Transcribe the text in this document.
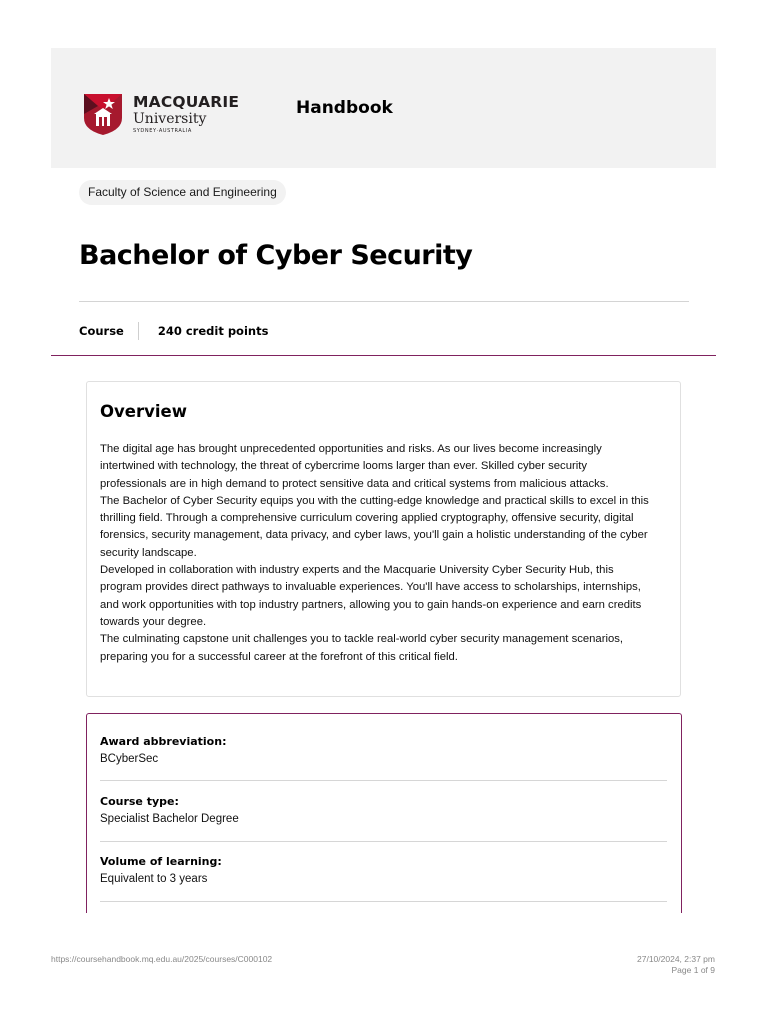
MACQUARIE
University
SYDNEY·AUSTRALIA
Handbook
Faculty of Science and Engineering
Bachelor of Cyber Security
Course	240 credit points
Overview

The digital age has brought unprecedented opportunities and risks. As our lives become increasingly

intertwined with technology, the threat of cybercrime looms larger than ever. Skilled cyber security

professionals are in high demand to protect sensitive data and critical systems from malicious attacks.

The Bachelor of Cyber Security equips you with the cutting-edge knowledge and practical skills to excel in this

thrilling field. Through a comprehensive curriculum covering applied cryptography, offensive security, digital

forensics, security management, data privacy, and cyber laws, you'll gain a holistic understanding of the cyber

security landscape.

Developed in collaboration with industry experts and the Macquarie University Cyber Security Hub, this

program provides direct pathways to invaluable experiences. You'll have access to scholarships, internships,

and work opportunities with top industry partners, allowing you to gain hands-on experience and earn credits

towards your degree.

The culminating capstone unit challenges you to tackle real-world cyber security management scenarios,

preparing you for a successful career at the forefront of this critical field.

Award abbreviation:
BCyberSec
Course type:
Specialist Bachelor Degree
Volume of learning:
Equivalent to 3 years
https://coursehandbook.mq.edu.au/2025/courses/C000102	27/10/2024, 2:37 pm
Page 1 of 9
